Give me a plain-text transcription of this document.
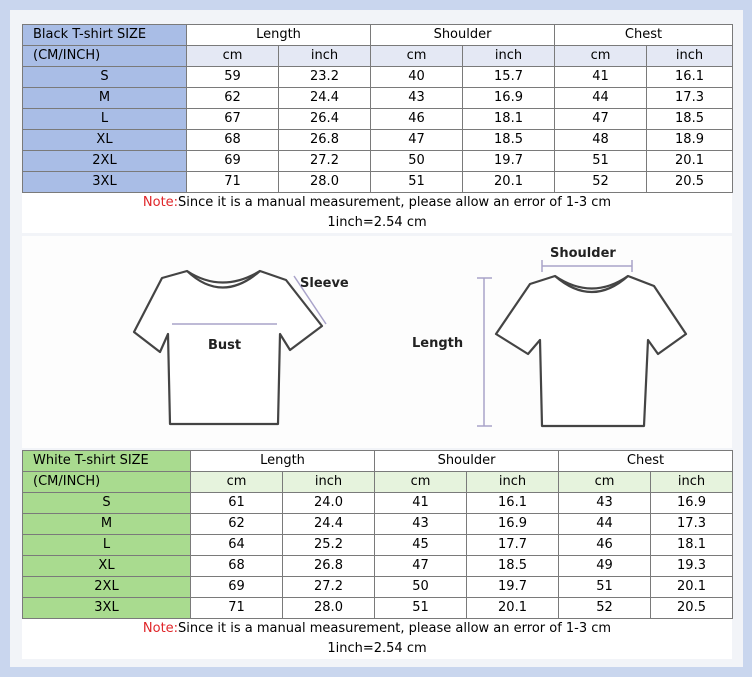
Black T-shirt SIZE	Length		Shoulder		Chest	
(CM/INCH)	cm	inch	cm	inch	cm	inch
S	59	23.2	40	15.7	41	16.1
M	62	24.4	43	16.9	44	17.3
L	67	26.4	46	18.1	47	18.5
XL	68	26.8	47	18.5	48	18.9
2XL	69	27.2	50	19.7	51	20.1
3XL	71	28.0	51	20.1	52	20.5
Note:Since it is a manual measurement, please allow an error of 1-3 cm
1inch=2.54 cm
Sleeve
Bust	Length
Shoulder
White T-shirt SIZE	Length		Shoulder		Chest	
(CM/INCH)	cm	inch	cm	inch	cm	inch
S	61	24.0	41	16.1	43	16.9
M	62	24.4	43	16.9	44	17.3
L	64	25.2	45	17.7	46	18.1
XL	68	26.8	47	18.5	49	19.3
2XL	69	27.2	50	19.7	51	20.1
3XL	71	28.0	51	20.1	52	20.5
Note:Since it is a manual measurement, please allow an error of 1-3 cm
1inch=2.54 cm
